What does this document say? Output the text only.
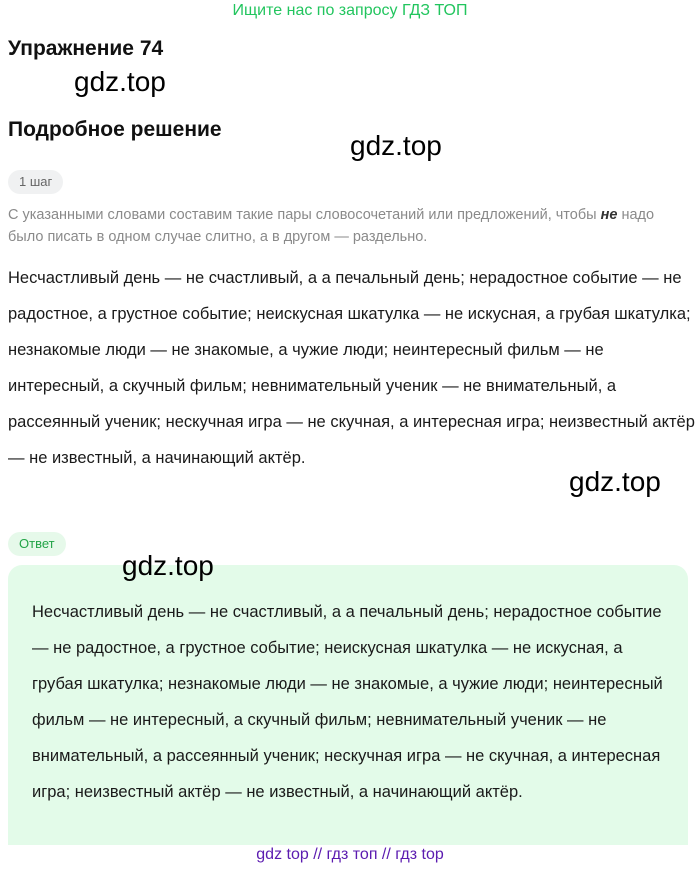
Ищите нас по запросу ГДЗ ТОП
Упражнение 74
gdz.top
Подробное решение
gdz.top
1 шаг

С указанными словами составим такие пары словосочетаний или предложений, чтобы не надо было писать в одном случае слитно, а в другом — раздельно.

Несчастливый день — не счастливый, а а печальный день; нерадостное событие — не радостное, а грустное событие; неискусная шкатулка — не искусная, а грубая шкатулка; незнакомые люди — не знакомые, а чужие люди; неинтересный фильм — не интересный, а скучный фильм; невнимательный ученик — не внимательный, а рассеянный ученик; нескучная игра — не скучная, а интересная игра; неизвестный актёр — не известный, а начинающий актёр.

gdz.top
Ответ
gdz.top

Несчастливый день — не счастливый, а а печальный день; нерадостное событие — не радостное, а грустное событие; неискусная шкатулка — не искусная, а грубая шкатулка; незнакомые люди — не знакомые, а чужие люди; неинтересный фильм — не интересный, а скучный фильм; невнимательный ученик — не внимательный, а рассеянный ученик; нескучная игра — не скучная, а интересная игра; неизвестный актёр — не известный, а начинающий актёр.

gdz top // гдз топ // гдз top
